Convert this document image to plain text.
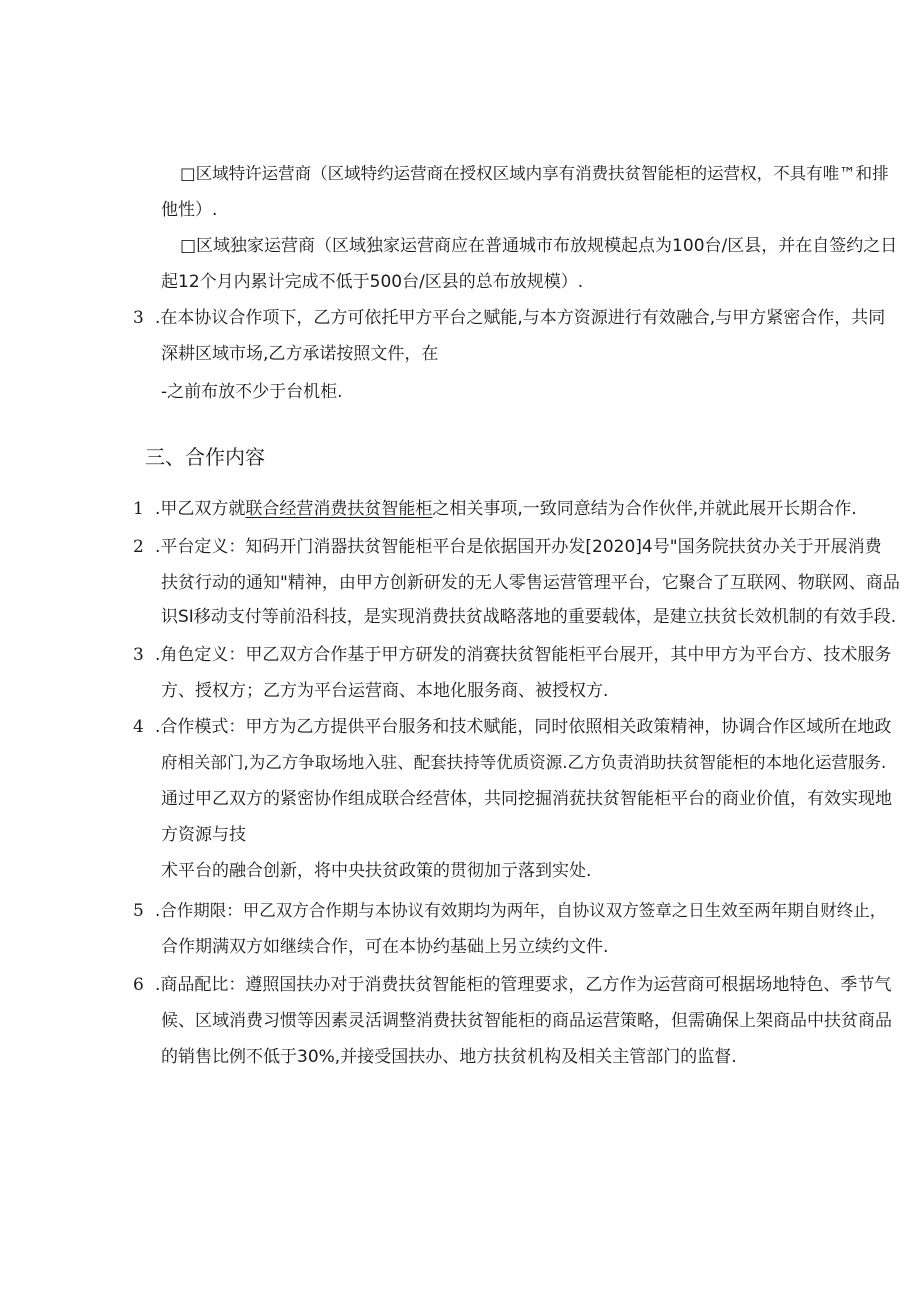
□区域特许运营商（区域特约运营商在授权区域内享有消费扶贫智能柜的运营权，不具有唯™和排
他性）.
□区域独家运营商（区域独家运营商应在普通城市布放规模起点为100台/区县，并在自签约之日
起12个月内累计完成不低于500台/区县的总布放规模）.
3 .在本协议合作项下，乙方可依托甲方平台之赋能,与本方资源进行有效融合,与甲方紧密合作，共同
深耕区域市场,乙方承诺按照文件，在
-之前布放不少于台机柜.
三、合作内容
1 .甲乙双方就联合经营消费扶贫智能柜之相关事项,一致同意结为合作伙伴,并就此展开长期合作.
2 .平台定义：知码开门消器扶贫智能柜平台是依据国开办发[2020]4号"国务院扶贫办关于开展消费
扶贫行动的通知"精神，由甲方创新研发的无人零售运营管理平台，它聚合了互联网、物联网、商品
识SI移动支付等前沿科技，是实现消费扶贫战略落地的重要载体，是建立扶贫长效机制的有效手段.
3 .角色定义：甲乙双方合作基于甲方研发的消赛扶贫智能柜平台展开，其中甲方为平台方、技术服务
方、授权方；乙方为平台运营商、本地化服务商、被授权方.
4 .合作模式：甲方为乙方提供平台服务和技术赋能，同时依照相关政策精神，协调合作区域所在地政
府相关部门,为乙方争取场地入驻、配套扶持等优质资源.乙方负责消助扶贫智能柜的本地化运营服务.
通过甲乙双方的紧密协作组成联合经营体，共同挖掘消莸扶贫智能柜平台的商业价值，有效实现地
方资源与技
术平台的融合创新，将中央扶贫政策的贯彻加亍落到实处.
5 .合作期限：甲乙双方合作期与本协议有效期均为两年，自协议双方签章之日生效至两年期自财终止，
合作期满双方如继续合作，可在本协约基础上另立续约文件.
6 .商品配比：遵照国扶办对于消费扶贫智能柜的管理要求，乙方作为运营商可根据场地特色、季节气
候、区域消费习惯等因素灵活调整消费扶贫智能柜的商品运营策略，但需确保上架商品中扶贫商品
的销售比例不低于30%,并接受国扶办、地方扶贫机构及相关主管部门的监督.
